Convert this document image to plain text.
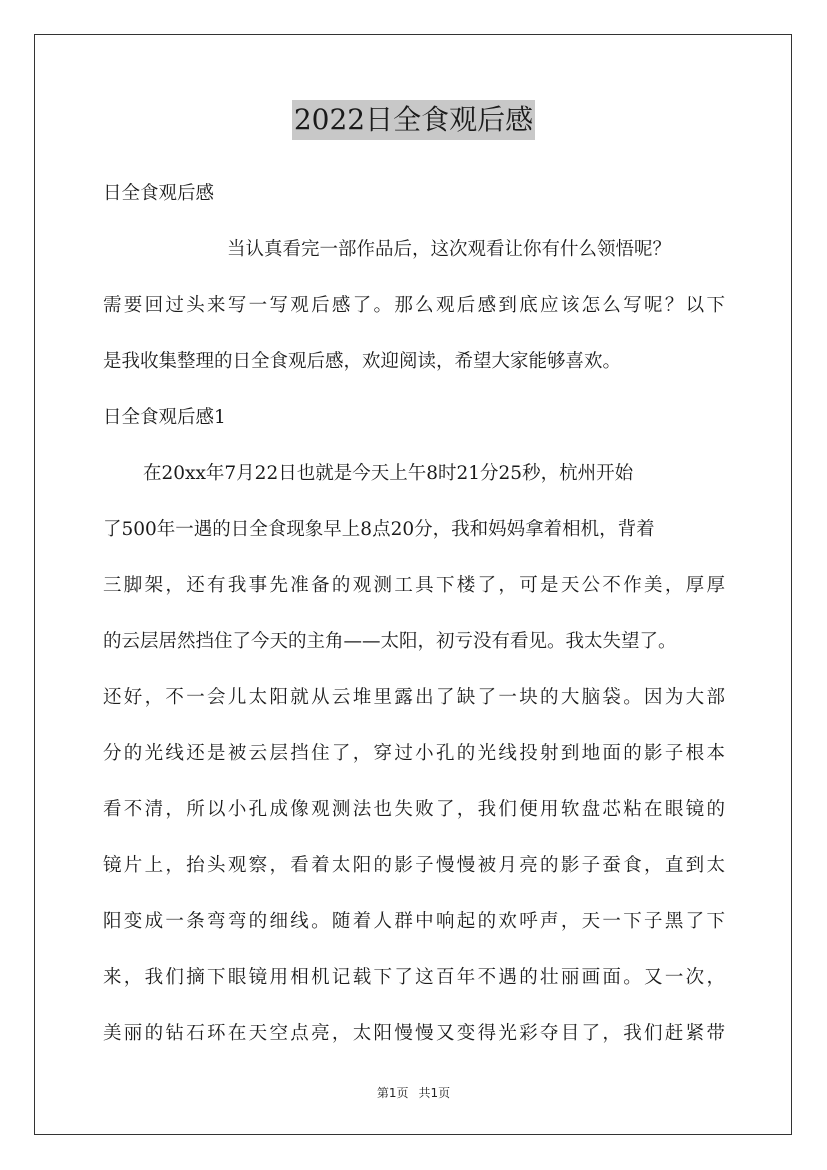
2022日全食观后感
日全食观后感
当认真看完一部作品后，这次观看让你有什么领悟呢？
需要回过头来写一写观后感了。那么观后感到底应该怎么写呢？以下
是我收集整理的日全食观后感，欢迎阅读，希望大家能够喜欢。
日全食观后感1
在20xx年7月22日也就是今天上午8时21分25秒，杭州开始
了500年一遇的日全食现象早上8点20分，我和妈妈拿着相机，背着
三脚架，还有我事先准备的观测工具下楼了，可是天公不作美，厚厚
的云层居然挡住了今天的主角——太阳，初亏没有看见。我太失望了。
还好，不一会儿太阳就从云堆里露出了缺了一块的大脑袋。因为大部
分的光线还是被云层挡住了，穿过小孔的光线投射到地面的影子根本
看不清，所以小孔成像观测法也失败了，我们便用软盘芯粘在眼镜的
镜片上，抬头观察，看着太阳的影子慢慢被月亮的影子蚕食，直到太
阳变成一条弯弯的细线。随着人群中响起的欢呼声，天一下子黑了下
来，我们摘下眼镜用相机记载下了这百年不遇的壮丽画面。又一次，
美丽的钻石环在天空点亮，太阳慢慢又变得光彩夺目了，我们赶紧带
第1页 共1页
